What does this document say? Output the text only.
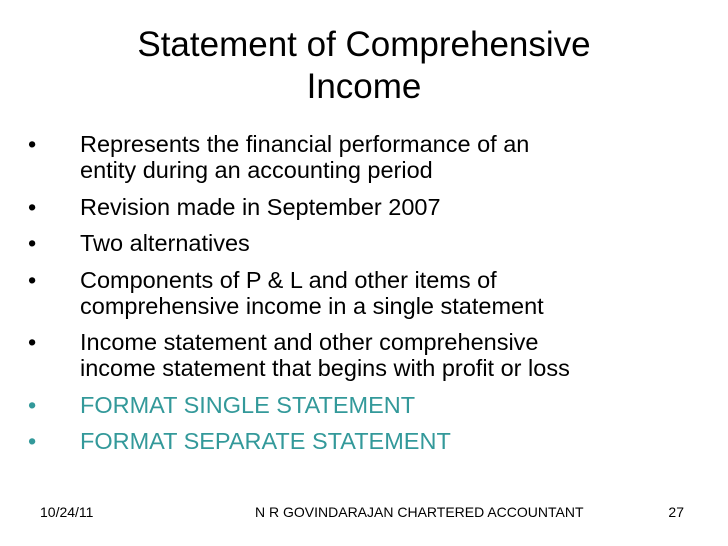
Statement of Comprehensive
Income
•	Represents the financial performance of an
entity during an accounting period
•	Revision made in September 2007
•	Two alternatives
•	Components of P & L and other items of
comprehensive income in a single statement
•	Income statement and other comprehensive
income statement that begins with profit or loss
•	FORMAT SINGLE STATEMENT
•	FORMAT SEPARATE STATEMENT
10/24/11	N R GOVINDARAJAN CHARTERED ACCOUNTANT	27
